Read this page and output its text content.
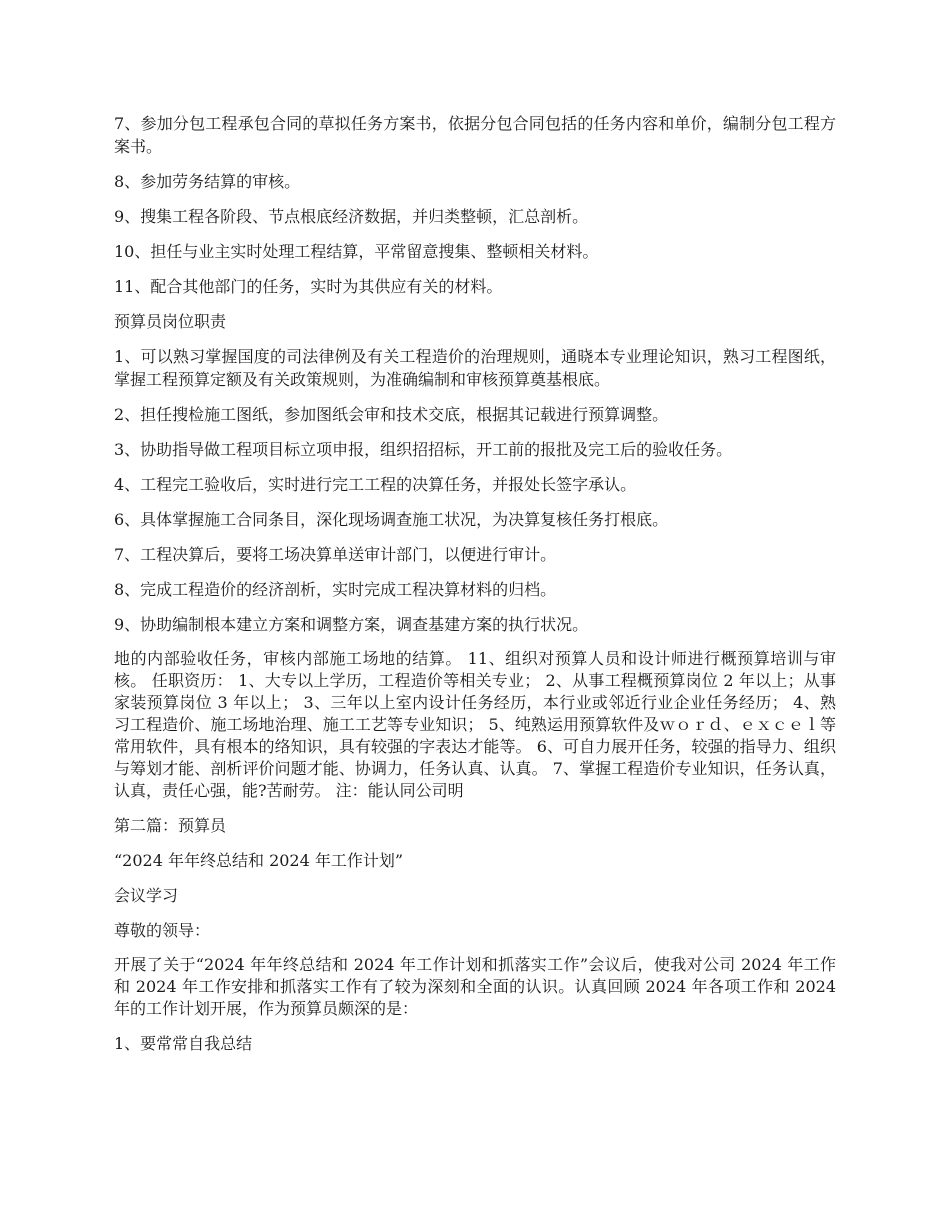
7、参加分包工程承包合同的草拟任务方案书，依据分包合同包括的任务内容和单价，编制分包工程方案书。

8、参加劳务结算的审核。

9、搜集工程各阶段、节点根底经济数据，并归类整顿，汇总剖析。

10、担任与业主实时处理工程结算，平常留意搜集、整顿相关材料。

11、配合其他部门的任务，实时为其供应有关的材料。

预算员岗位职责

1、可以熟习掌握国度的司法律例及有关工程造价的治理规则，通晓本专业理论知识，熟习工程图纸，掌握工程预算定额及有关政策规则，为准确编制和审核预算奠基根底。

2、担任搜检施工图纸，参加图纸会审和技术交底，根据其记载进行预算调整。

3、协助指导做工程项目标立项申报，组织招招标，开工前的报批及完工后的验收任务。

4、工程完工验收后，实时进行完工工程的决算任务，并报处长签字承认。

6、具体掌握施工合同条目，深化现场调查施工状况，为决算复核任务打根底。

7、工程决算后，要将工场决算单送审计部门，以便进行审计。

8、完成工程造价的经济剖析，实时完成工程决算材料的归档。

9、协助编制根本建立方案和调整方案，调查基建方案的执行状况。

地的内部验收任务，审核内部施工场地的结算。 11、组织对预算人员和设计师进行概预算培训与审核。 任职资历： 1、大专以上学历，工程造价等相关专业； 2、从事工程概预算岗位 2 年以上；从事家装预算岗位 3 年以上； 3、三年以上室内设计任务经历，本行业或邻近行业企业任务经历； 4、熟习工程造价、施工场地治理、施工工艺等专业知识； 5、纯熟运用预算软件及ｗｏｒｄ、ｅｘｃｅｌ等常用软件，具有根本的络知识，具有较强的字表达才能等。 6、可自力展开任务，较强的指导力、组织与筹划才能、剖析评价问题才能、协调力，任务认真、认真。 7、掌握工程造价专业知识，任务认真，认真，责任心强，能?苦耐劳。 注：能认同公司明

第二篇：预算员

“2024 年年终总结和 2024 年工作计划”

会议学习

尊敬的领导：

开展了关于“2024 年年终总结和 2024 年工作计划和抓落实工作”会议后，使我对公司 2024 年工作和 2024 年工作安排和抓落实工作有了较为深刻和全面的认识。认真回顾 2024 年各项工作和 2024 年的工作计划开展，作为预算员颇深的是：

1、要常常自我总结
